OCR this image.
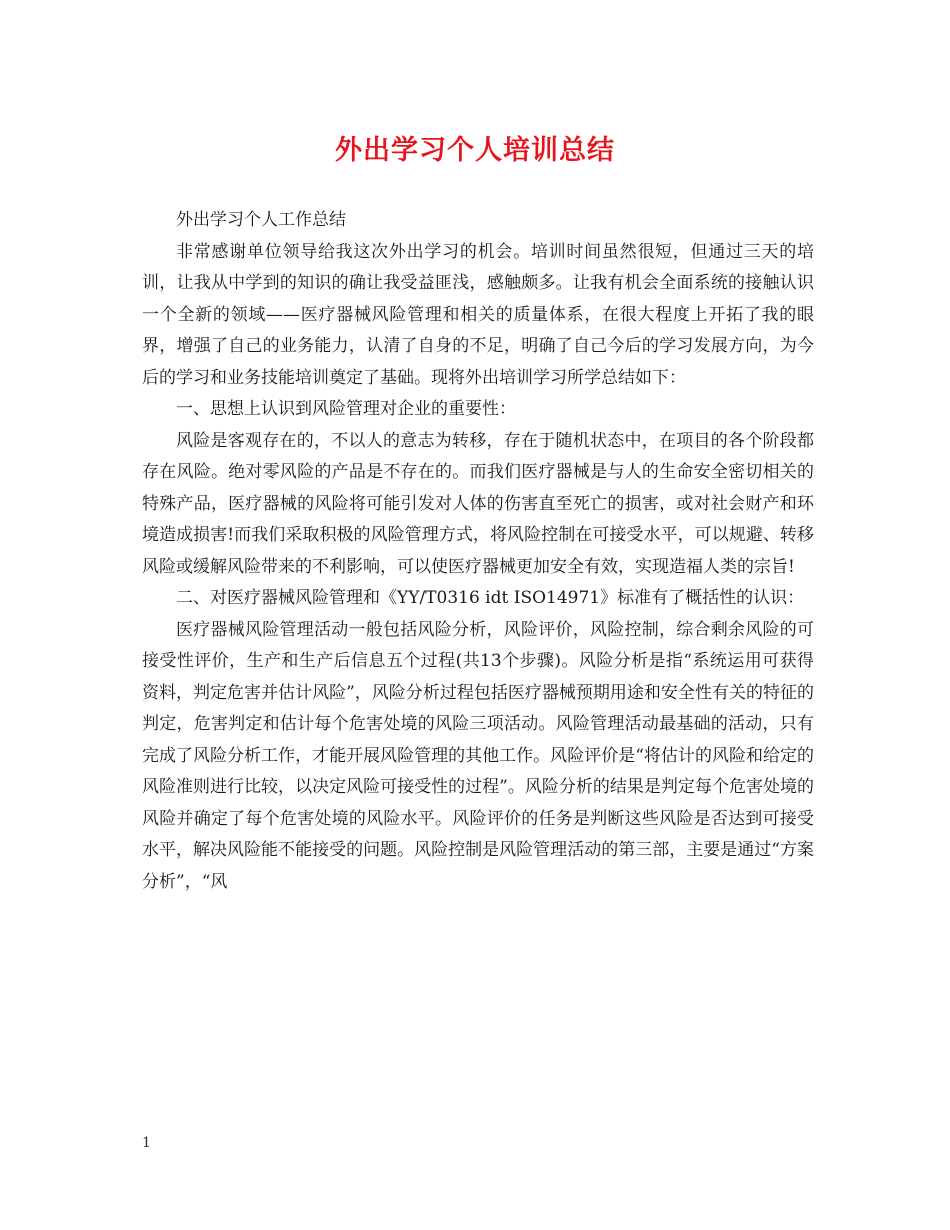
外出学习个人培训总结

外出学习个人工作总结

非常感谢单位领导给我这次外出学习的机会。培训时间虽然很短，但通过三天的培训，让我从中学到的知识的确让我受益匪浅，感触颇多。让我有机会全面系统的接触认识一个全新的领域——医疗器械风险管理和相关的质量体系，在很大程度上开拓了我的眼界，增强了自己的业务能力，认清了自身的不足，明确了自己今后的学习发展方向，为今后的学习和业务技能培训奠定了基础。现将外出培训学习所学总结如下：

一、思想上认识到风险管理对企业的重要性：

风险是客观存在的，不以人的意志为转移，存在于随机状态中，在项目的各个阶段都存在风险。绝对零风险的产品是不存在的。而我们医疗器械是与人的生命安全密切相关的特殊产品，医疗器械的风险将可能引发对人体的伤害直至死亡的损害，或对社会财产和环境造成损害!而我们采取积极的风险管理方式，将风险控制在可接受水平，可以规避、转移风险或缓解风险带来的不利影响，可以使医疗器械更加安全有效，实现造福人类的宗旨!

二、对医疗器械风险管理和《YY/T0316 idt ISO14971》标准有了概括性的认识：

医疗器械风险管理活动一般包括风险分析，风险评价，风险控制，综合剩余风险的可接受性评价，生产和生产后信息五个过程(共13个步骤)。风险分析是指“系统运用可获得资料，判定危害并估计风险”，风险分析过程包括医疗器械预期用途和安全性有关的特征的判定，危害判定和估计每个危害处境的风险三项活动。风险管理活动最基础的活动，只有完成了风险分析工作，才能开展风险管理的其他工作。风险评价是“将估计的风险和给定的风险准则进行比较，以决定风险可接受性的过程”。风险分析的结果是判定每个危害处境的风险并确定了每个危害处境的风险水平。风险评价的任务是判断这些风险是否达到可接受水平，解决风险能不能接受的问题。风险控制是风险管理活动的第三部，主要是通过“方案分析”，“风

1
